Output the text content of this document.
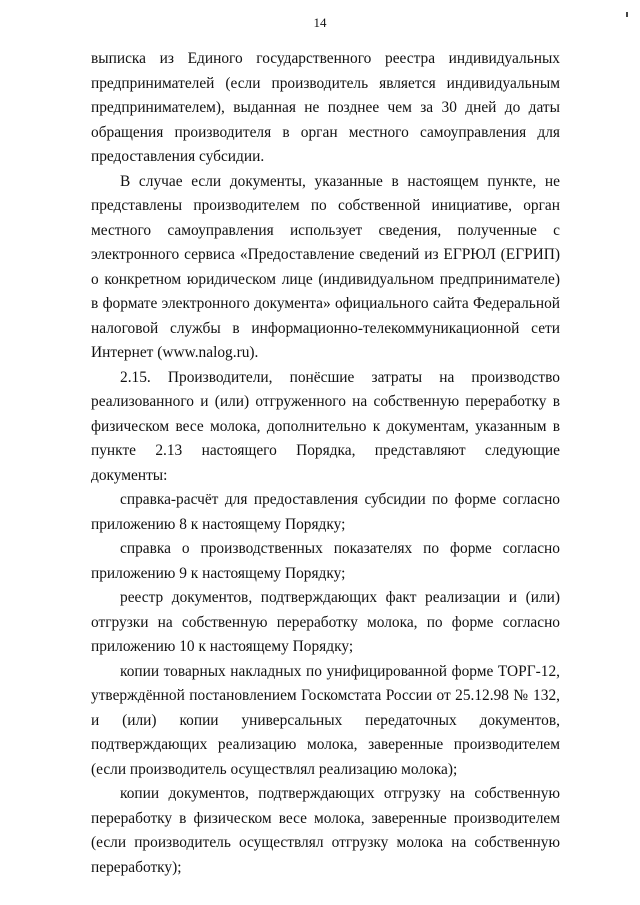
14

выписка из Единого государственного реестра индивидуальных предпринимателей (если производитель является индивидуальным предпринимателем), выданная не позднее чем за 30 дней до даты обращения производителя в орган местного самоуправления для предоставления субсидии.

В случае если документы, указанные в настоящем пункте, не представлены производителем по собственной инициативе, орган местного самоуправления использует сведения, полученные с электронного сервиса «Предоставление сведений из ЕГРЮЛ (ЕГРИП) о конкретном юридическом лице (индивидуальном предпринимателе) в формате электронного документа» официального сайта Федеральной налоговой службы в информационно-телекоммуникационной сети Интернет (www.nalog.ru).

2.15. Производители, понёсшие затраты на производство реализованного и (или) отгруженного на собственную переработку в физическом весе молока, дополнительно к документам, указанным в пункте 2.13 настоящего Порядка, представляют следующие документы:

справка-расчёт для предоставления субсидии по форме согласно приложению 8 к настоящему Порядку;

справка о производственных показателях по форме согласно приложению 9 к настоящему Порядку;

реестр документов, подтверждающих факт реализации и (или) отгрузки на собственную переработку молока, по форме согласно приложению 10 к настоящему Порядку;

копии товарных накладных по унифицированной форме ТОРГ-12, утверждённой постановлением Госкомстата России от 25.12.98 № 132, и (или) копии универсальных передаточных документов, подтверждающих реализацию молока, заверенные производителем (если производитель осуществлял реализацию молока);

копии документов, подтверждающих отгрузку на собственную переработку в физическом весе молока, заверенные производителем (если производитель осуществлял отгрузку молока на собственную переработку);
